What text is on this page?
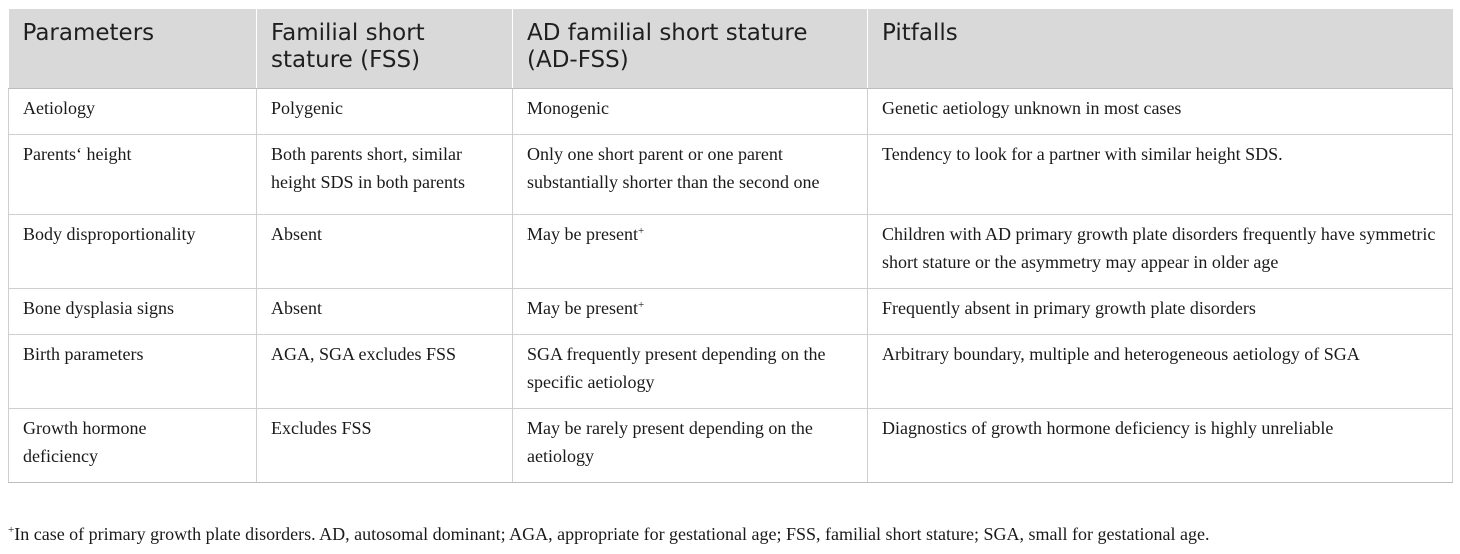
Parameters	Familial short stature (FSS)	AD familial short stature (AD-FSS)	Pitfalls
Aetiology	Polygenic	Monogenic	Genetic aetiology unknown in most cases
Parents‘ height	Both parents short, similar height SDS in both parents	Only one short parent or one parent substantially shorter than the second one	Tendency to look for a partner with similar height SDS.
Body disproportionality	Absent	May be present+	Children with AD primary growth plate disorders frequently have symmetric short stature or the asymmetry may appear in older age
Bone dysplasia signs	Absent	May be present+	Frequently absent in primary growth plate disorders
Birth parameters	AGA, SGA excludes FSS	SGA frequently present depending on the specific aetiology	Arbitrary boundary, multiple and heterogeneous aetiology of SGA
Growth hormone deficiency	Excludes FSS	May be rarely present depending on the aetiology	Diagnostics of growth hormone deficiency is highly unreliable
+In case of primary growth plate disorders. AD, autosomal dominant; AGA, appropriate for gestational age; FSS, familial short stature; SGA, small for gestational age.
